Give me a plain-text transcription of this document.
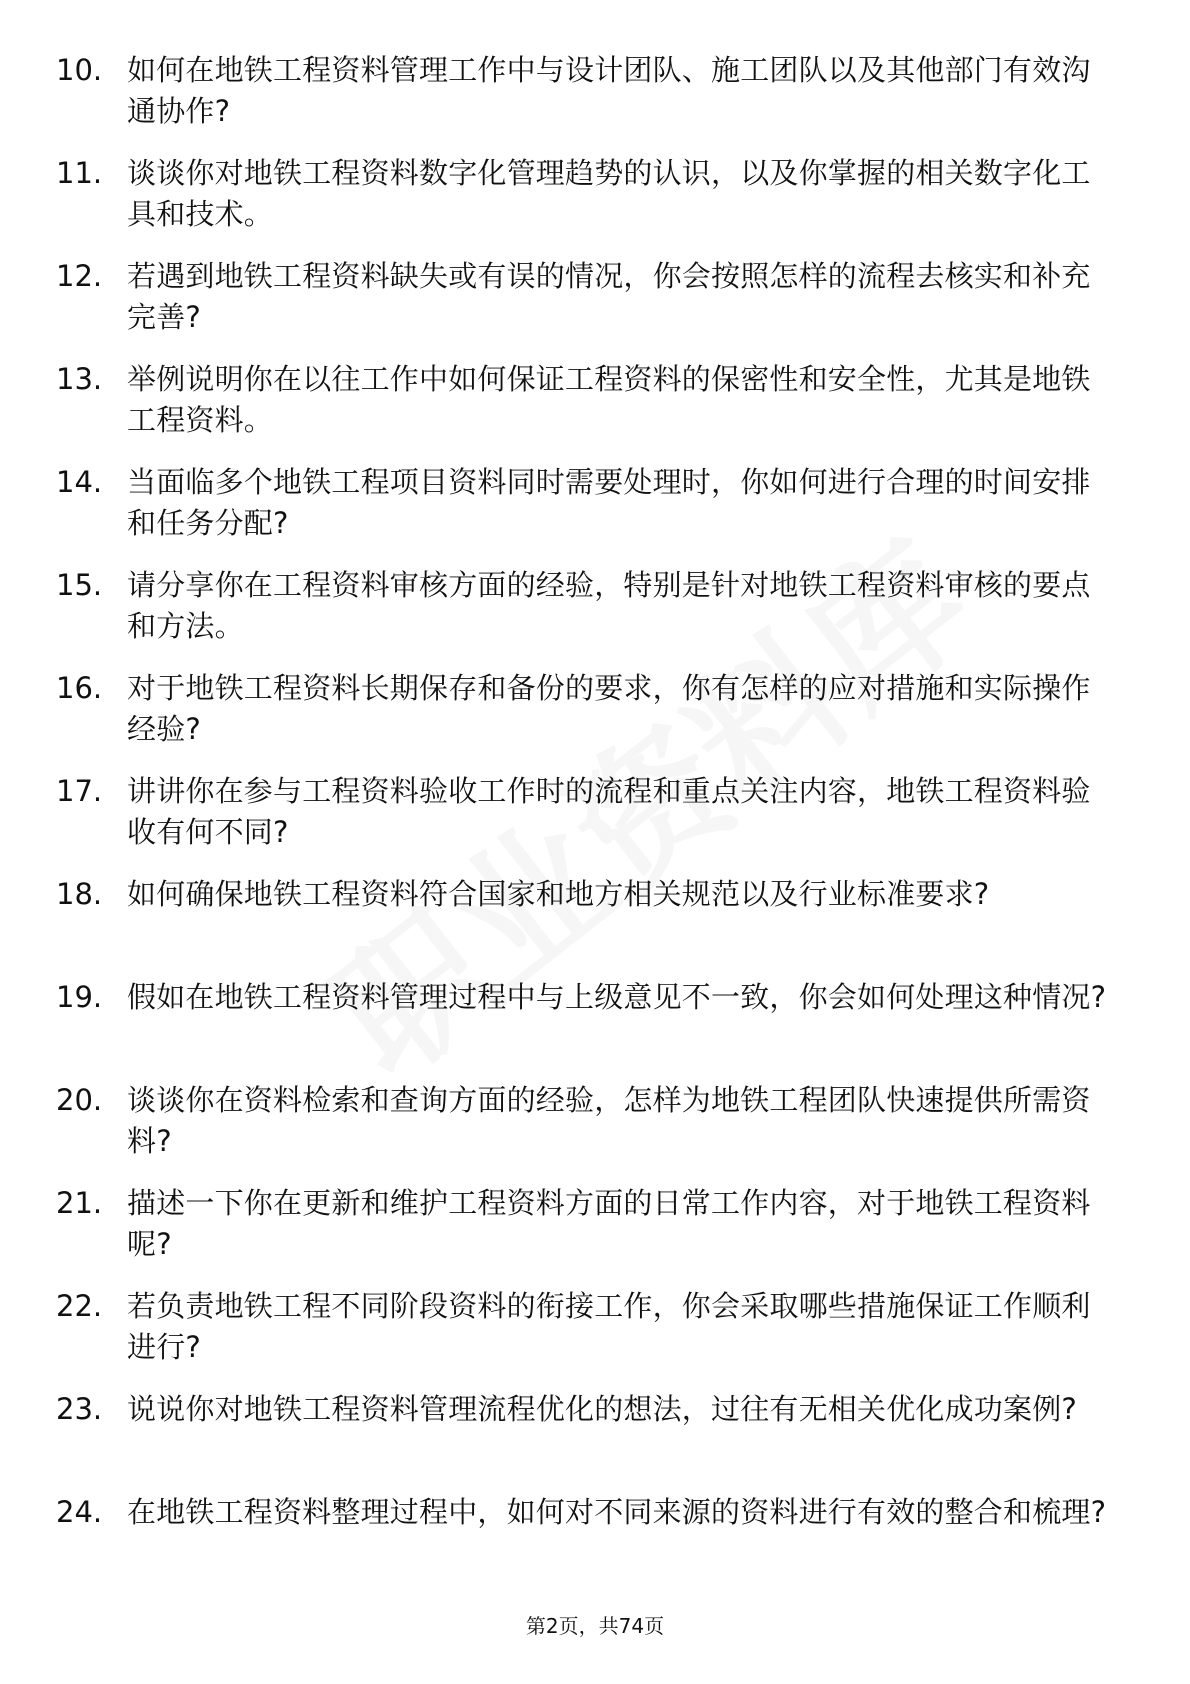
10. 如何在地铁工程资料管理工作中与设计团队、施工团队以及其他部门有效沟通协作?
11. 谈谈你对地铁工程资料数字化管理趋势的认识，以及你掌握的相关数字化工具和技术。
12. 若遇到地铁工程资料缺失或有误的情况，你会按照怎样的流程去核实和补充完善?
13. 举例说明你在以往工作中如何保证工程资料的保密性和安全性，尤其是地铁工程资料。
14. 当面临多个地铁工程项目资料同时需要处理时，你如何进行合理的时间安排和任务分配?
15. 请分享你在工程资料审核方面的经验，特别是针对地铁工程资料审核的要点和方法。
16. 对于地铁工程资料长期保存和备份的要求，你有怎样的应对措施和实际操作经验?
17. 讲讲你在参与工程资料验收工作时的流程和重点关注内容，地铁工程资料验收有何不同?
18. 如何确保地铁工程资料符合国家和地方相关规范以及行业标准要求?
19. 假如在地铁工程资料管理过程中与上级意见不一致，你会如何处理这种情况?
20. 谈谈你在资料检索和查询方面的经验，怎样为地铁工程团队快速提供所需资料?
21. 描述一下你在更新和维护工程资料方面的日常工作内容，对于地铁工程资料呢?
22. 若负责地铁工程不同阶段资料的衔接工作，你会采取哪些措施保证工作顺利进行?
23. 说说你对地铁工程资料管理流程优化的想法，过往有无相关优化成功案例?
24. 在地铁工程资料整理过程中，如何对不同来源的资料进行有效的整合和梳理?
第2页，共74页
